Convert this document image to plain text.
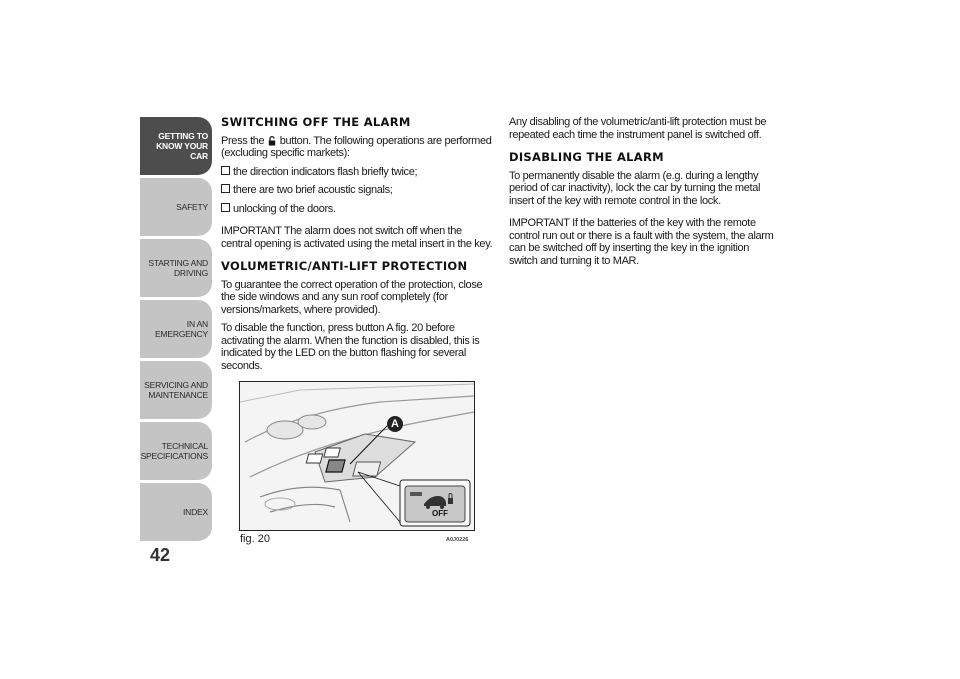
GETTING TO
KNOW YOUR CAR
SAFETY
STARTING AND
DRIVING
IN AN EMERGENCY
SERVICING AND
MAINTENANCE
TECHNICAL
SPECIFICATIONS
INDEX
42
SWITCHING OFF THE ALARM

Press the  button. The following operations are performed (excluding specific markets):

the direction indicators flash briefly twice;
there are two brief acoustic signals;
unlocking of the doors.

IMPORTANT The alarm does not switch off when the central opening is activated using the metal insert in the key.

VOLUMETRIC/ANTI-LIFT PROTECTION

To guarantee the correct operation of the protection, close the side windows and any sun roof completely (for versions/markets, where provided).

To disable the function, press button A fig. 20 before activating the alarm. When the function is disabled, this is indicated by the LED on the button flashing for several seconds.

Any disabling of the volumetric/anti-lift protection must be repeated each time the instrument panel is switched off.

DISABLING THE ALARM

To permanently disable the alarm (e.g. during a lengthy period of car inactivity), lock the car by turning the metal insert of the key with remote control in the lock.

IMPORTANT If the batteries of the key with the remote control run out or there is a fault with the system, the alarm can be switched off by inserting the key in the ignition switch and turning it to MAR.

A
OFF
fig. 20	A0J0226
